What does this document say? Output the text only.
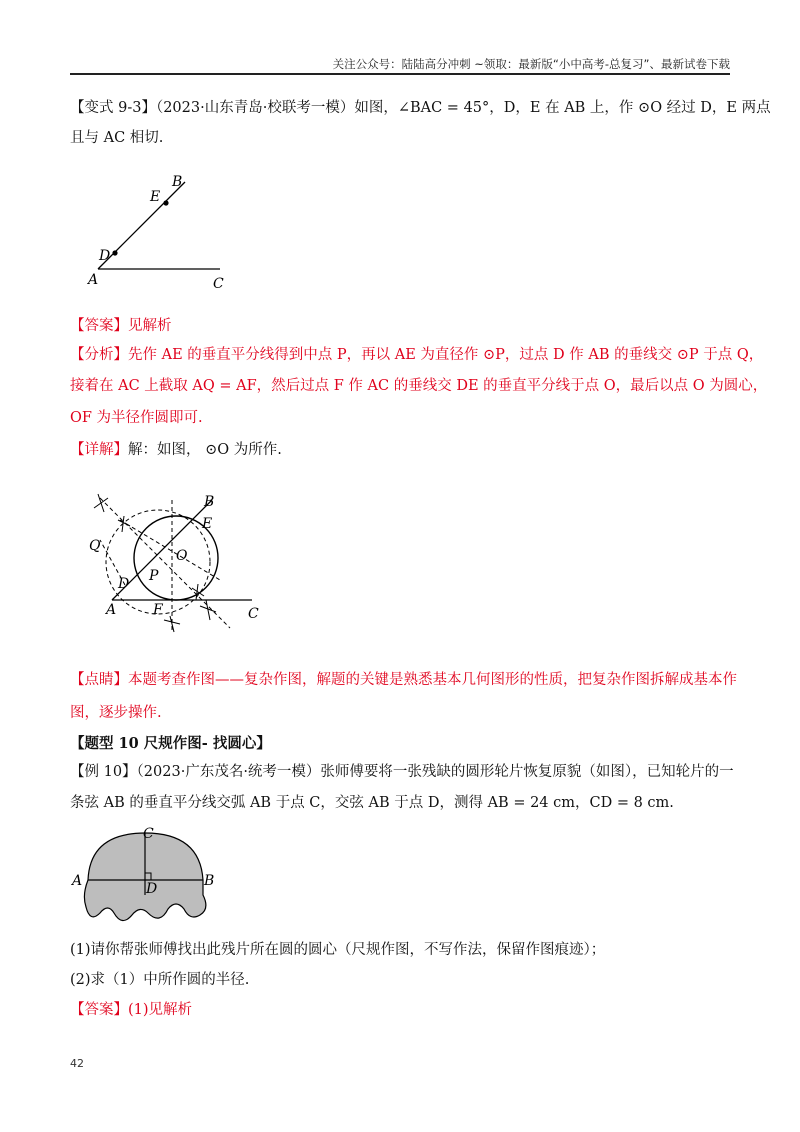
关注公众号：陆陆高分冲刺 ~领取：最新版“小中高考-总复习”、最新试卷下载
【变式 9-3】（2023·山东青岛·校联考一模）如图，∠BAC = 45°，D，E 在 AB 上，作 ⊙O 经过 D，E 两点
且与 AC 相切.
A
B
C
D
E
【答案】见解析
【分析】先作 AE 的垂直平分线得到中点 P，再以 AE 为直径作 ⊙P，过点 D 作 AB 的垂线交 ⊙P 于点 Q，
接着在 AC 上截取 AQ = AF，然后过点 F 作 AC 的垂线交 DE 的垂直平分线于点 O，最后以点 O 为圆心，
OF 为半径作圆即可.
【详解】解：如图， ⊙O 为所作.
B
E
O
P
Q
D
A	F	C
【点睛】本题考查作图——复杂作图，解题的关键是熟悉基本几何图形的性质，把复杂作图拆解成基本作
图，逐步操作.
【题型 10 尺规作图- 找圆心】
【例 10】（2023·广东茂名·统考一模）张师傅要将一张残缺的圆形轮片恢复原貌（如图），已知轮片的一
条弦 AB 的垂直平分线交弧 AB 于点 C，交弦 AB 于点 D，测得 AB = 24 cm，CD = 8 cm.
A	B
C
D
(1)请你帮张师傅找出此残片所在圆的圆心（尺规作图，不写作法，保留作图痕迹）；
(2)求（1）中所作圆的半径.
【答案】(1)见解析
42
